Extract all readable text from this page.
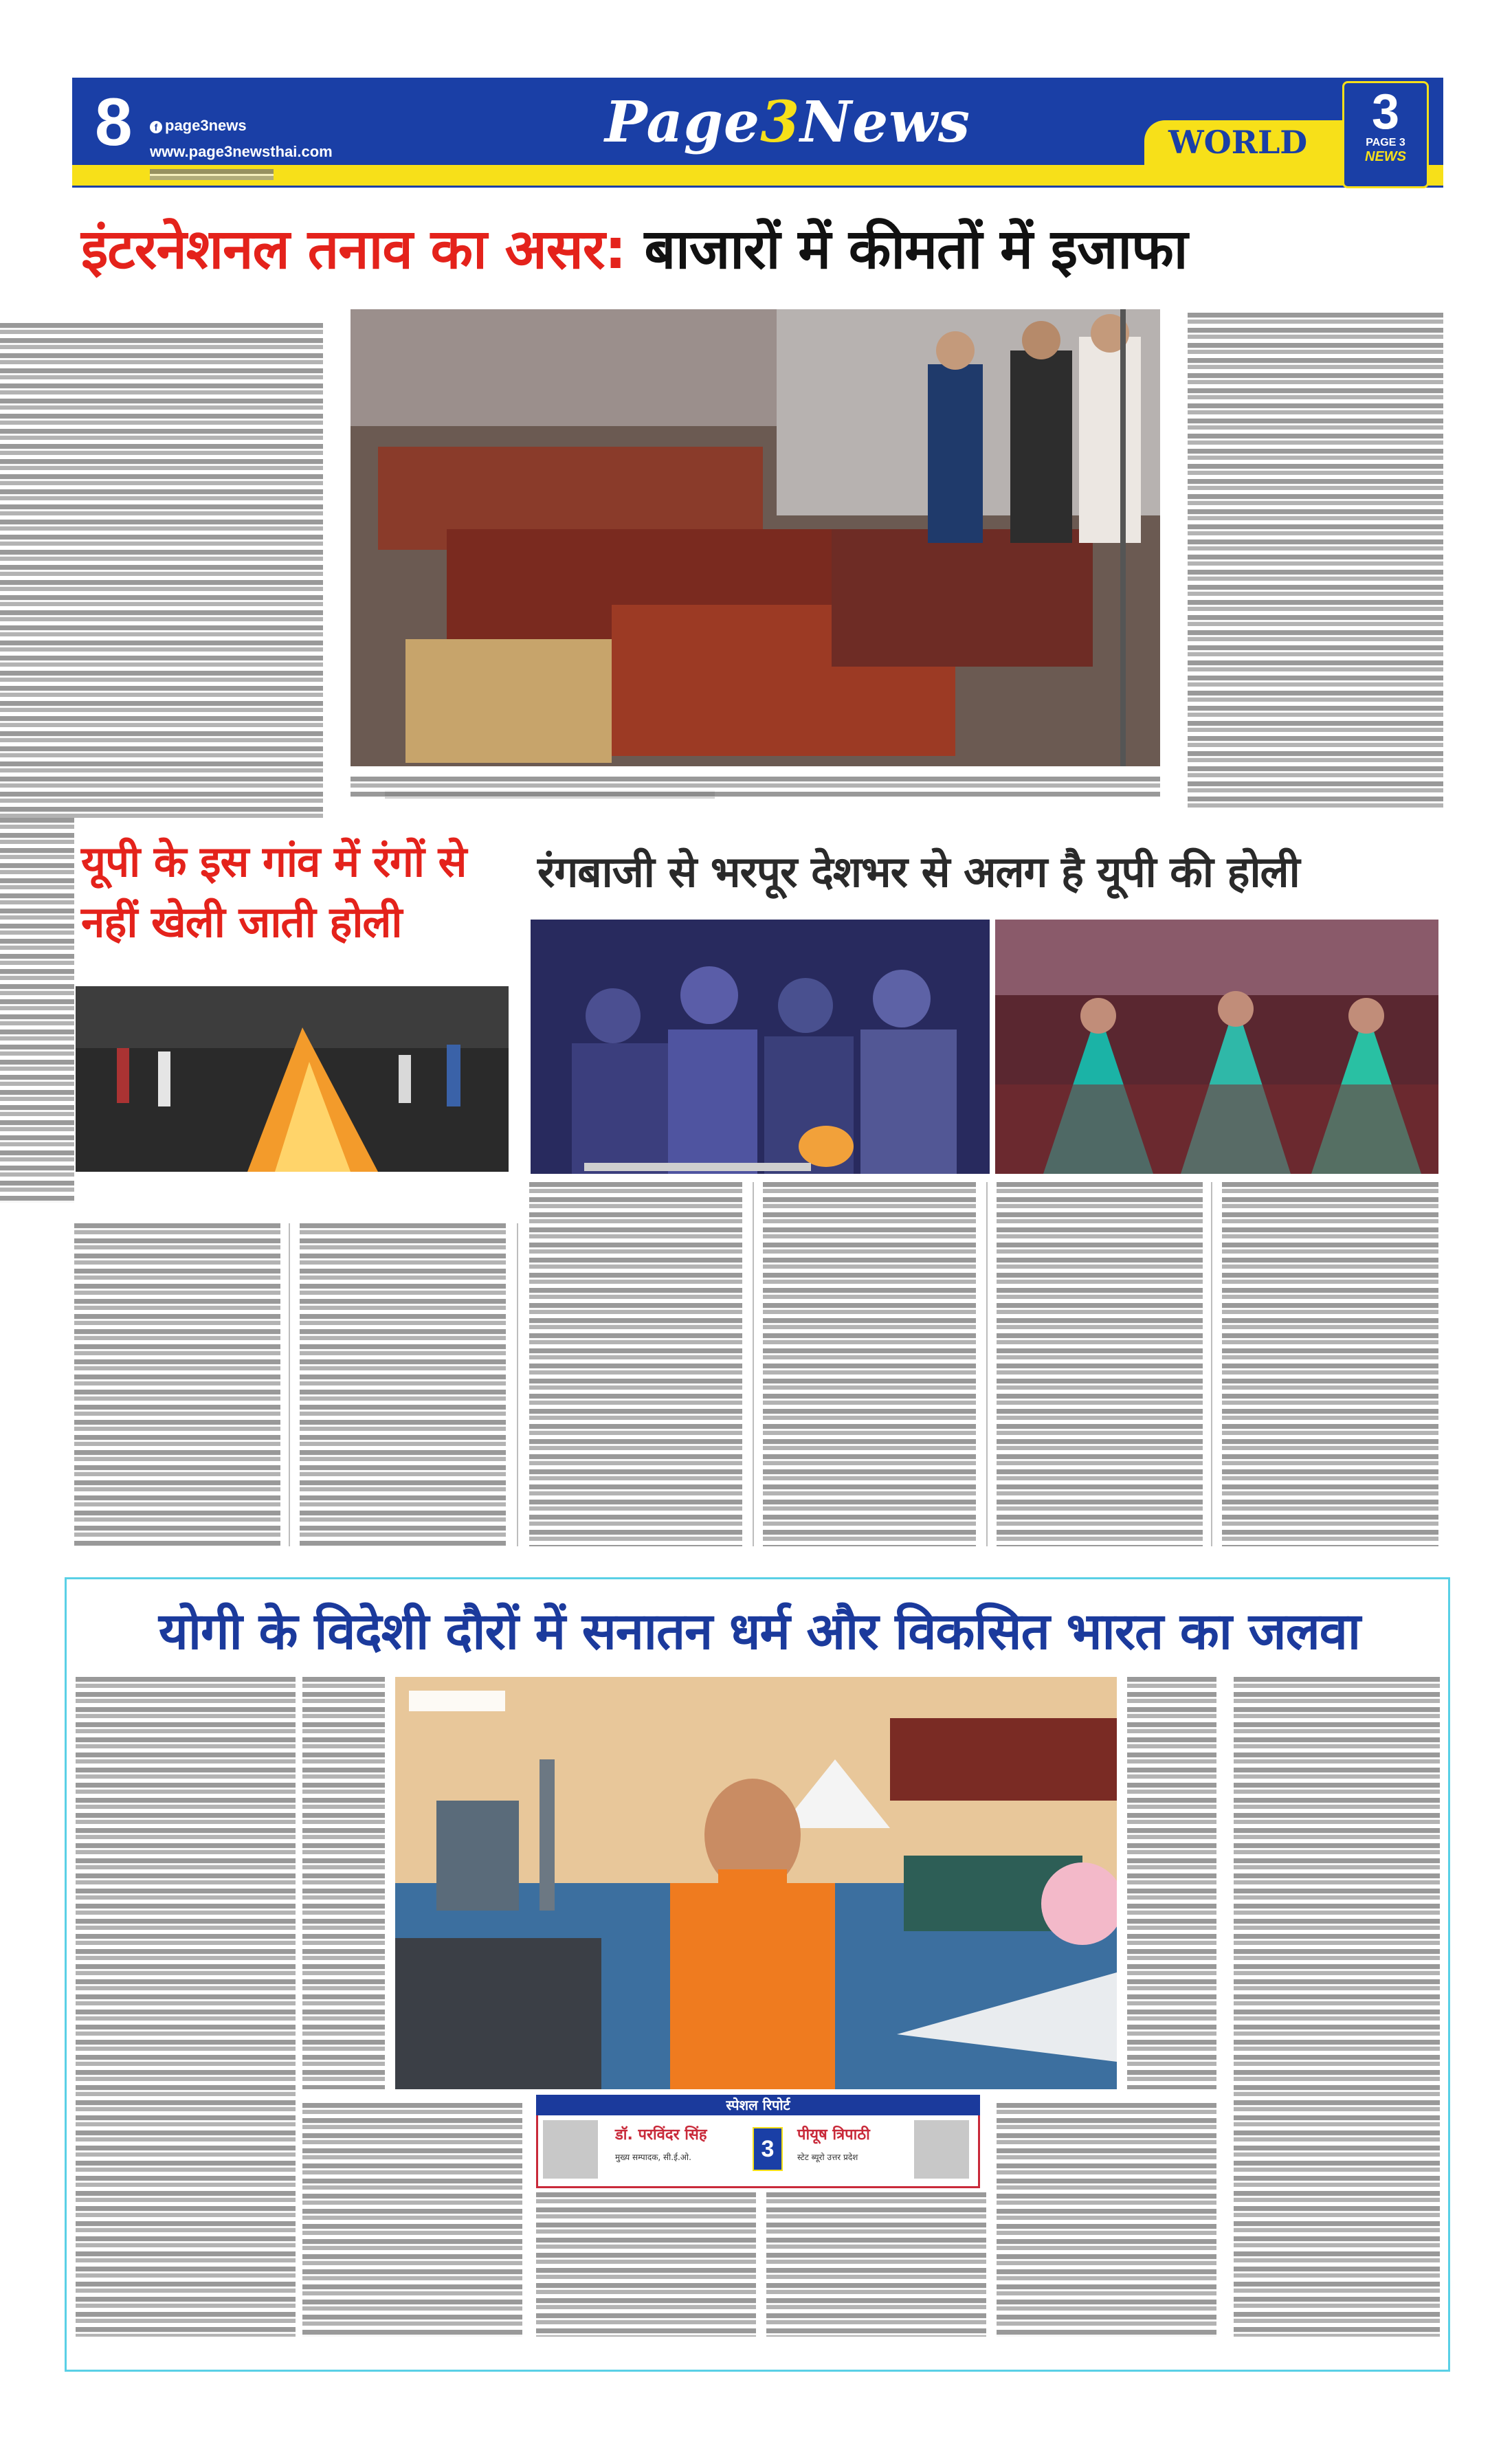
8	f page3news
www.page3newsthai.com	Page3News	WORLD
3
PAGE 3
NEWS
इंटरनेशनल तनाव का असर: बाजारों में कीमतों में इजाफा
यूपी के इस गांव में रंगों से नहीं खेली जाती होली
रंगबाजी से भरपूर देशभर से अलग है यूपी की होली
योगी के विदेशी दौरों में सनातन धर्म और विकसित भारत का जलवा
स्पेशल रिपोर्ट
डॉ. परविंदर सिंह
मुख्य सम्पादक, सी.ई.ओ.	3
पीयूष त्रिपाठी
स्टेट ब्यूरो उत्तर प्रदेश
